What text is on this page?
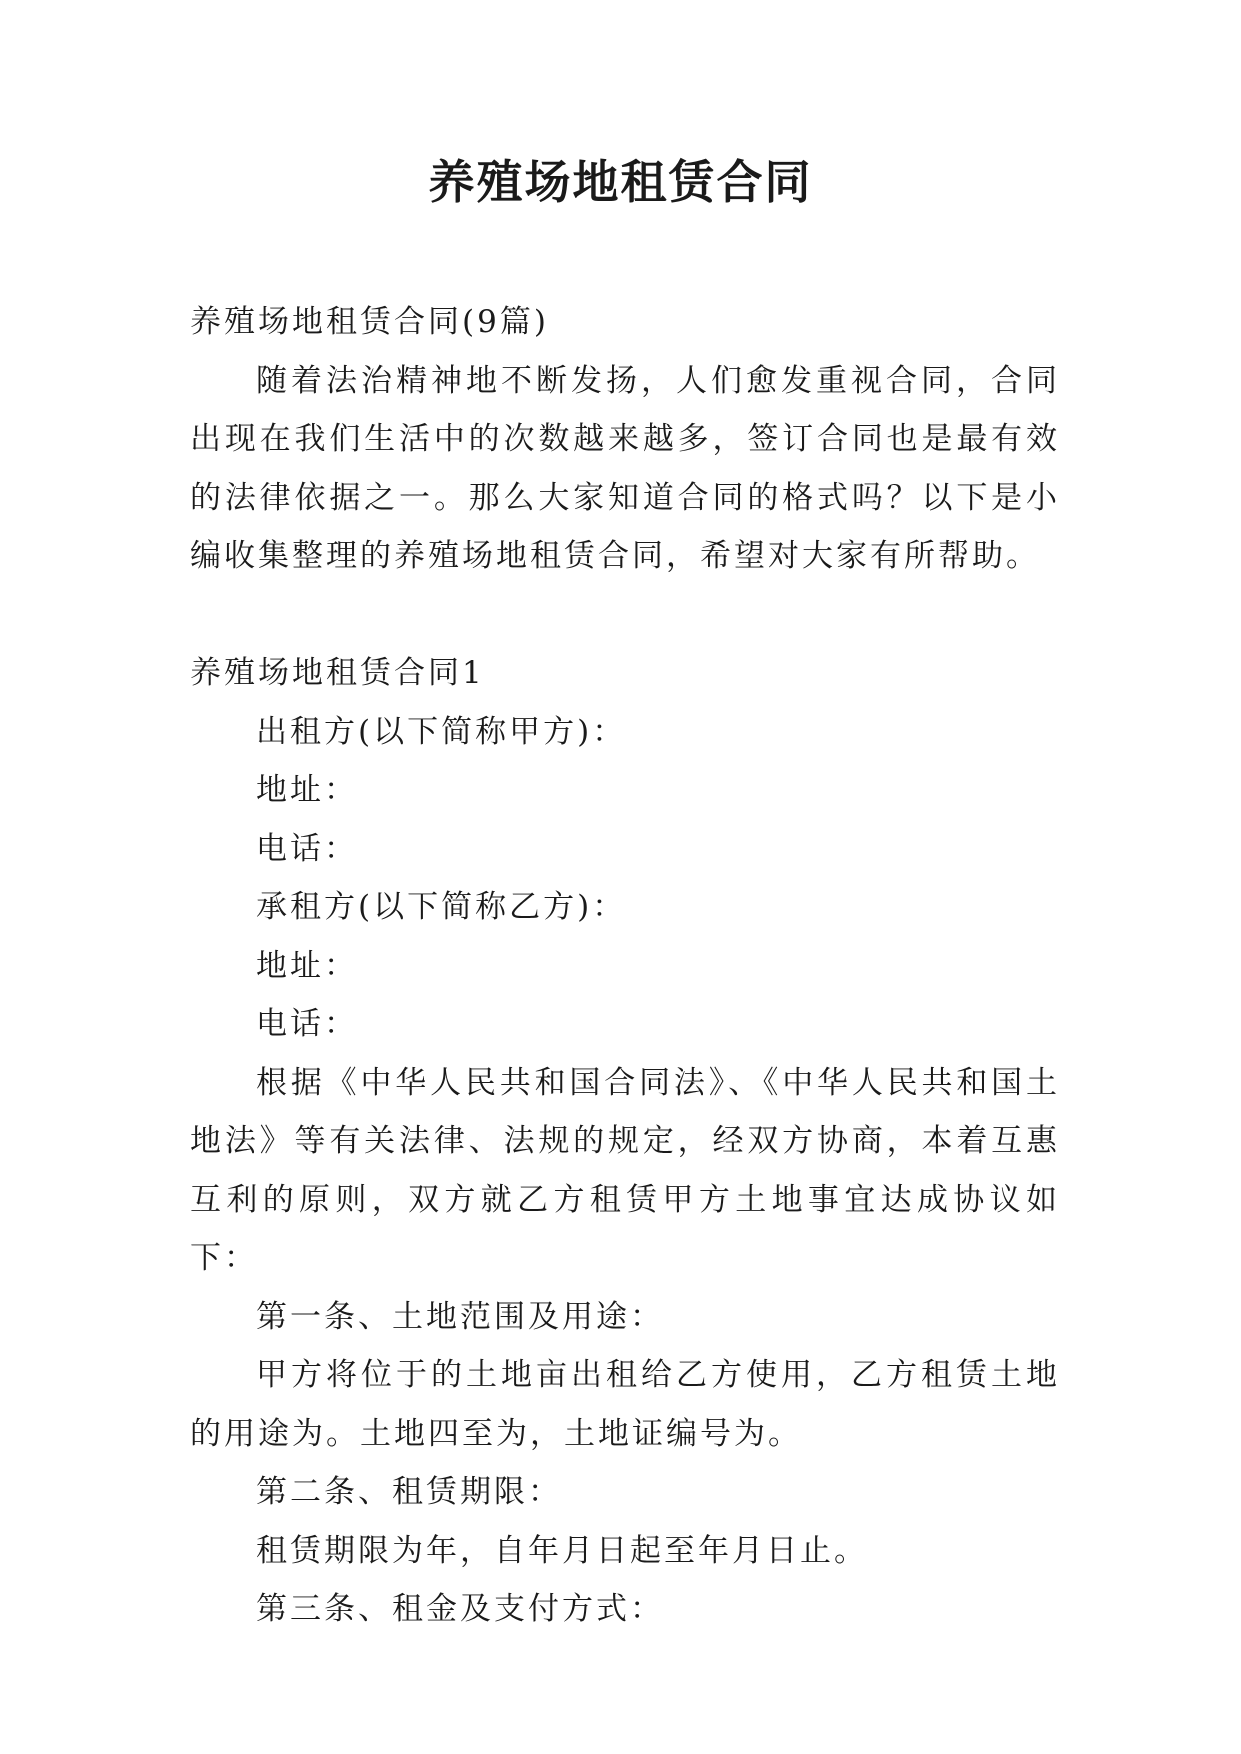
养殖场地租赁合同

养殖场地租赁合同(9篇)

随着法治精神地不断发扬，人们愈发重视合同，合同出现在我们生活中的次数越来越多，签订合同也是最有效的法律依据之一。那么大家知道合同的格式吗？以下是小编收集整理的养殖场地租赁合同，希望对大家有所帮助。

养殖场地租赁合同1

出租方(以下简称甲方)：

地址：

电话：

承租方(以下简称乙方)：

地址：

电话：

根据《中华人民共和国合同法》、《中华人民共和国土地法》等有关法律、法规的规定，经双方协商，本着互惠互利的原则，双方就乙方租赁甲方土地事宜达成协议如下：

第一条、土地范围及用途：

甲方将位于的土地亩出租给乙方使用，乙方租赁土地的用途为。土地四至为，土地证编号为。

第二条、租赁期限：

租赁期限为年，自年月日起至年月日止。

第三条、租金及支付方式：
